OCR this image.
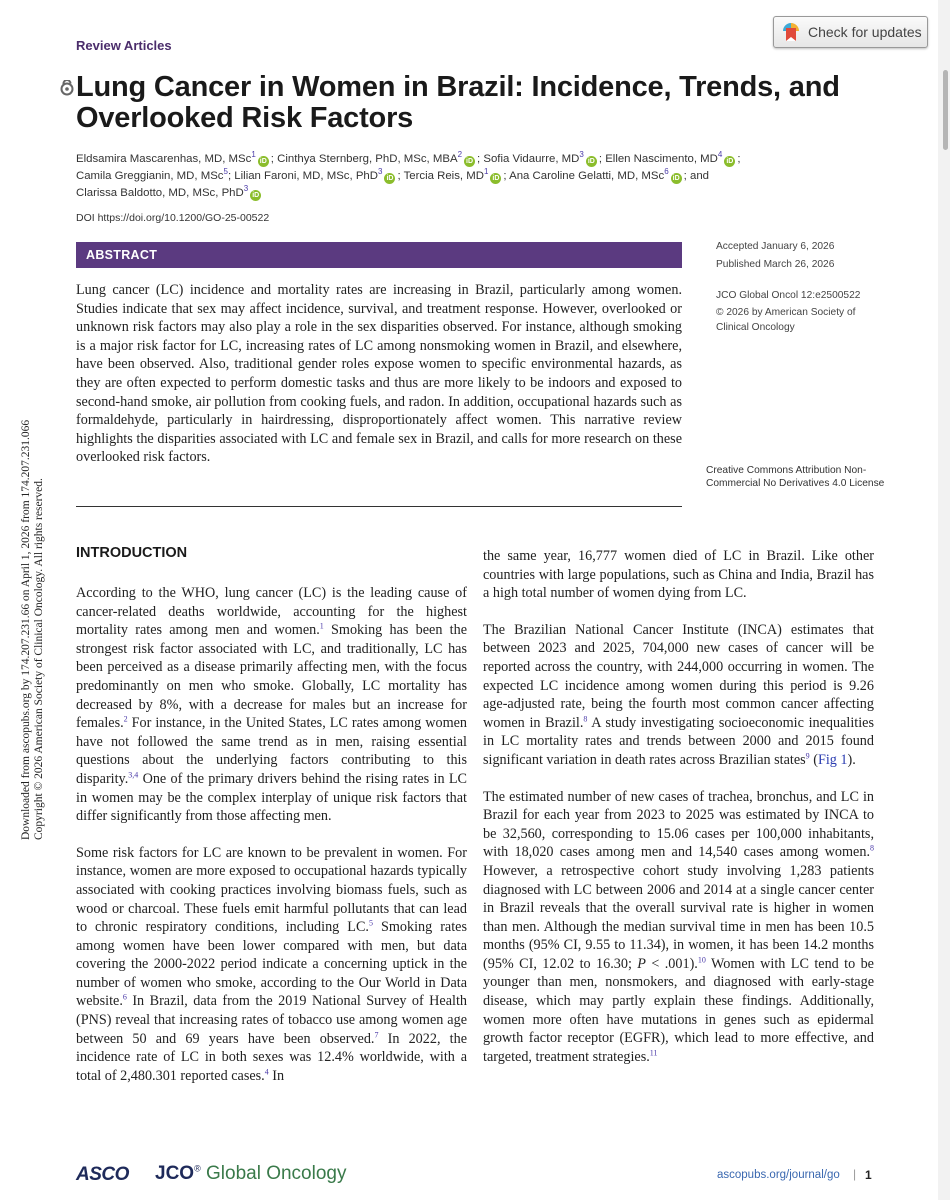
Downloaded from ascopubs.org by 174.207.231.66 on April 1, 2026 from 174.207.231.066 Copyright © 2026 American Society of Clinical Oncology. All rights reserved.
Check for updates
Review Articles
Lung Cancer in Women in Brazil: Incidence, Trends, and Overlooked Risk Factors
Eldsamira Mascarenhas, MD, MSc$^1$iD ; Cinthya Sternberg, PhD, MSc, MBA$^2$iD ; Sofia Vidaurre, $MD^3iD$ ; Ellen Nascimento, $MD^4iD$ ;
Camila Greggianin, MD, MSc$^5$; Lilian Faroni, MD, MSc, PhD$^3$iD ; Tercia Reis, $MD^1iD$ ; Ana Caroline Gelatti, MD, MSc$^6$iD ; and
Clarissa Baldotto, MD, MSc, PhD$^3$iD
DOI https://doi.org/10.1200/GO-25-00522
ABSTRACT
Lung cancer (LC) incidence and mortality rates are increasing in Brazil, particularly among women. Studies indicate that sex may affect incidence, survival, and treatment response. However, overlooked or unknown risk factors may also play a role in the sex disparities observed. For instance, although smoking is a major risk factor for LC, increasing rates of LC among nonsmoking women in Brazil, and elsewhere, have been observed. Also, traditional gender roles expose women to specific environmental hazards, as they are often expected to perform domestic tasks and thus are more likely to be indoors and exposed to second-hand smoke, air pollution from cooking fuels, and radon. In addition, occupational hazards such as formaldehyde, particularly in hairdressing, disproportionately affect women. This narrative review highlights the disparities associated with LC and female sex in Brazil, and calls for more research on these overlooked risk factors.
Accepted January 6, 2026
Published March 26, 2026
JCO Global Oncol 12:e2500522
© 2026 by American Society of Clinical Oncology
Creative Commons Attribution Non-Commercial No Derivatives 4.0 License
INTRODUCTION

According to the WHO, lung cancer (LC) is the leading cause of cancer-related deaths worldwide, accounting for the highest mortality rates among men and women.$^1$ Smoking has been the strongest risk factor associated with LC, and traditionally, LC has been perceived as a disease primarily affecting men, with the focus predominantly on men who smoke. Globally, LC mortality has decreased by 8%, with a decrease for males but an increase for females.$^2$ For instance, in the United States, LC rates among women have not followed the same trend as in men, raising essential questions about the underlying factors contributing to this disparity.$^{3,4}$ One of the primary drivers behind the rising rates in LC in women may be the complex interplay of unique risk factors that differ significantly from those affecting men.

Some risk factors for LC are known to be prevalent in women. For instance, women are more exposed to occupational hazards typically associated with cooking practices involving biomass fuels, such as wood or charcoal. These fuels emit harmful pollutants that can lead to chronic respiratory conditions, including LC.$^5$ Smoking rates among women have been lower compared with men, but data covering the 2000-2022 period indicate a concerning uptick in the number of women who smoke, according to the Our World in Data website.$^6$ In Brazil, data from the 2019 National Survey of Health (PNS) reveal that increasing rates of tobacco use among women age between 50 and 69 years have been observed.$^7$ In 2022, the incidence rate of LC in both sexes was 12.4% worldwide, with a total of 2,480.301 reported cases.$^4$ In

the same year, 16,777 women died of LC in Brazil. Like other countries with large populations, such as China and India, Brazil has a high total number of women dying from LC.

The Brazilian National Cancer Institute (INCA) estimates that between 2023 and 2025, 704,000 new cases of cancer will be reported across the country, with 244,000 occurring in women. The expected LC incidence among women during this period is 9.26 age-adjusted rate, being the fourth most common cancer affecting women in Brazil.$^8$ A study investigating socioeconomic inequalities in LC mortality rates and trends between 2000 and 2015 found significant variation in death rates across Brazilian states$^9$ (Fig 1).

The estimated number of new cases of trachea, bronchus, and LC in Brazil for each year from 2023 to 2025 was estimated by INCA to be 32,560, corresponding to 15.06 cases per 100,000 inhabitants, with 18,020 cases among men and 14,540 cases among women.$^8$ However, a retrospective cohort study involving 1,283 patients diagnosed with LC between 2006 and 2014 at a single cancer center in Brazil reveals that the overall survival rate is higher in women than men. Although the median survival time in men has been 10.5 months (95% CI, 9.55 to 11.34), in women, it has been 14.2 months (95% CI, 12.02 to 16.30; P < .001).$^{10}$ Women with LC tend to be younger than men, nonsmokers, and diagnosed with early-stage disease, which may partly explain these findings. Additionally, women more often have mutations in genes such as epidermal growth factor receptor (EGFR), which lead to more effective, and targeted, treatment strategies.$^{11}$

ASCO JCO® Global Oncology	ascopubs.org/journal/go | 1
